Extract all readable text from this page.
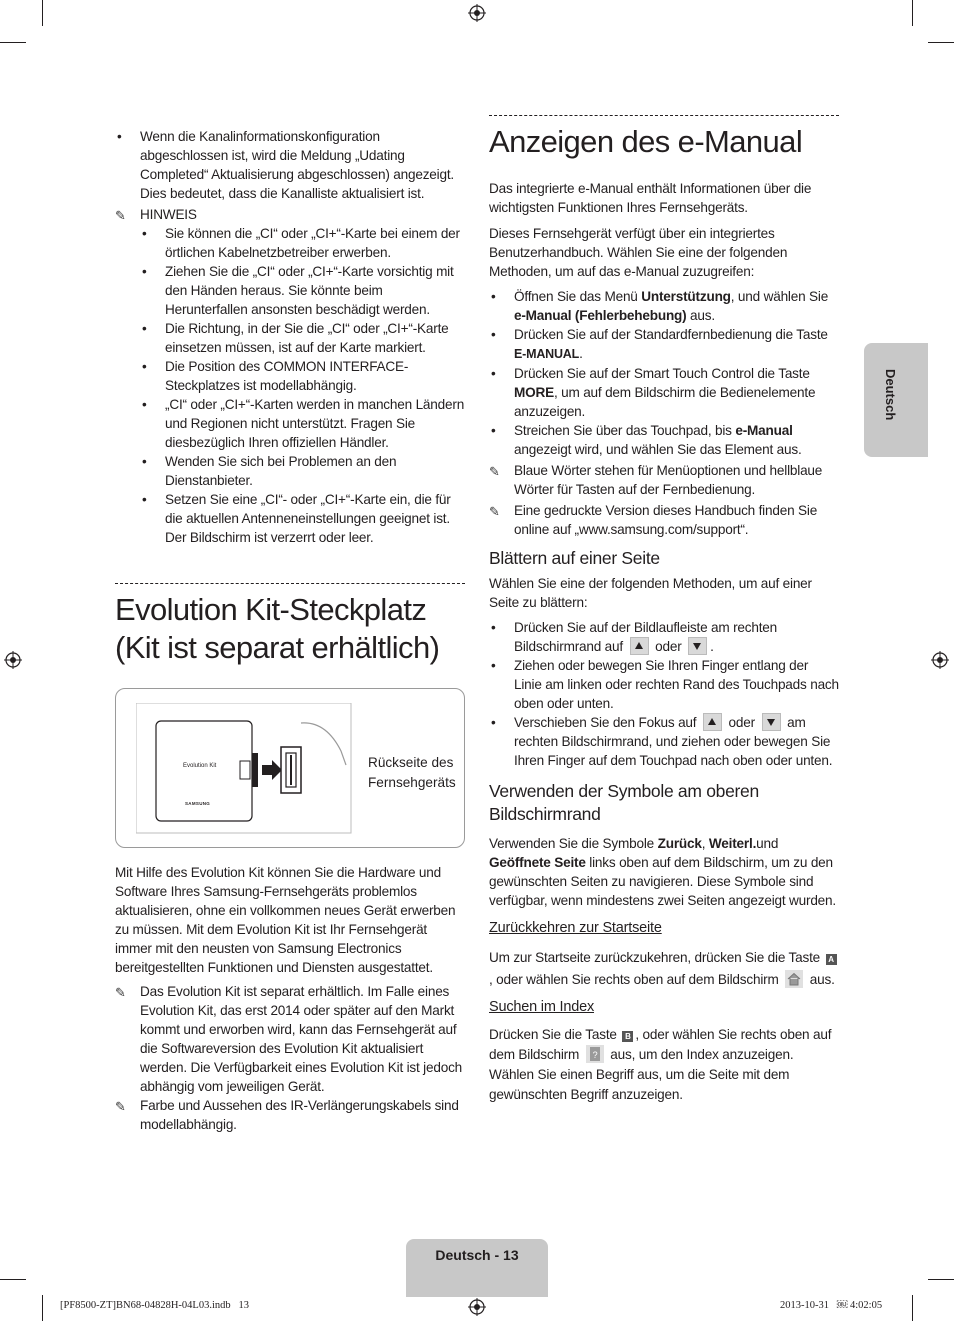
Deutsch

• Wenn die Kanalinformationskonfiguration abgeschlossen ist, wird die Meldung „Udating Completed“ Aktualisierung abgeschlossen) angezeigt. Dies bedeutet, dass die Kanalliste aktualisiert ist.

✎ HINWEIS

• Sie können die „CI“ oder „CI+“-Karte bei einem der örtlichen Kabelnetzbetreiber erwerben.

• Ziehen Sie die „CI“ oder „CI+“-Karte vorsichtig mit den Händen heraus. Sie könnte beim Herunterfallen ansonsten beschädigt werden.

• Die Richtung, in der Sie die „CI“ oder „CI+“-Karte einsetzen müssen, ist auf der Karte markiert.

• Die Position des COMMON INTERFACE-Steckplatzes ist modellabhängig.

• „CI“ oder „CI+“-Karten werden in manchen Ländern und Regionen nicht unterstützt. Fragen Sie diesbezüglich Ihren offiziellen Händler.

• Wenden Sie sich bei Problemen an den Dienstanbieter.

• Setzen Sie eine „CI“- oder „CI+“-Karte ein, die für die aktuellen Antenneneinstellungen geeignet ist. Der Bildschirm ist verzerrt oder leer.

Evolution Kit-Steckplatz
(Kit ist separat erhältlich)
Evolution Kit
SAMSUNG
Rückseite des
Fernsehgeräts

Mit Hilfe des Evolution Kit können Sie die Hardware und Software Ihres Samsung-Fernsehgeräts problemlos aktualisieren, ohne ein vollkommen neues Gerät erwerben zu müssen. Mit dem Evolution Kit ist Ihr Fernsehgerät immer mit den neusten von Samsung Electronics bereitgestellten Funktionen und Diensten ausgestattet.

✎ Das Evolution Kit ist separat erhältlich. Im Falle eines Evolution Kit, das erst 2014 oder später auf den Markt kommt und erworben wird, kann das Fernsehgerät auf die Softwareversion des Evolution Kit aktualisiert werden. Die Verfügbarkeit eines Evolution Kit ist jedoch abhängig vom jeweiligen Gerät.

✎ Farbe und Aussehen des IR-Verlängerungskabels sind modellabhängig.

Anzeigen des e-Manual

Das integrierte e-Manual enthält Informationen über die wichtigsten Funktionen Ihres Fernsehgeräts.

Dieses Fernsehgerät verfügt über ein integriertes Benutzerhandbuch. Wählen Sie eine der folgenden Methoden, um auf das e-Manual zuzugreifen:

• Öffnen Sie das Menü Unterstützung, und wählen Sie e-Manual (Fehlerbehebung) aus.

• Drücken Sie auf der Standardfernbedienung die Taste E-MANUAL.

• Drücken Sie auf der Smart Touch Control die Taste MORE, um auf dem Bildschirm die Bedienelemente anzuzeigen.

• Streichen Sie über das Touchpad, bis e-Manual angezeigt wird, und wählen Sie das Element aus.

✎ Blaue Wörter stehen für Menüoptionen und hellblaue Wörter für Tasten auf der Fernbedienung.

✎ Eine gedruckte Version dieses Handbuch finden Sie online auf „www.samsung.com/support“.

Blättern auf einer Seite

Wählen Sie eine der folgenden Methoden, um auf einer Seite zu blättern:

• Drücken Sie auf der Bildlaufleiste am rechten Bildschirmrand auf  oder .

• Ziehen oder bewegen Sie Ihren Finger entlang der Linie am linken oder rechten Rand des Touchpads nach oben oder unten.

• Verschieben Sie den Fokus auf  oder  am rechten Bildschirmrand, und ziehen oder bewegen Sie Ihren Finger auf dem Touchpad nach oben oder unten.

Verwenden der Symbole am oberen
Bildschirmrand

Verwenden Sie die Symbole Zurück, Weiterl.und Geöffnete Seite links oben auf dem Bildschirm, um zu den gewünschten Seiten zu navigieren. Diese Symbole sind verfügbar, wenn mindestens zwei Seiten angezeigt wurden.

Zurückkehren zur Startseite

Um zur Startseite zurückzukehren, drücken Sie die Taste A, oder wählen Sie rechts oben auf dem Bildschirm
aus.

Suchen im Index

Drücken Sie die Taste B , oder wählen Sie rechts oben auf dem Bildschirm ? aus, um den Index anzuzeigen. Wählen Sie einen Begriff aus, um die Seite mit dem gewünschten Begriff anzuzeigen.

Deutsch - 13
[PF8500-ZT]BN68-04828H-04L03.indb   13	2013-10-31   ￼ 4:02:05
